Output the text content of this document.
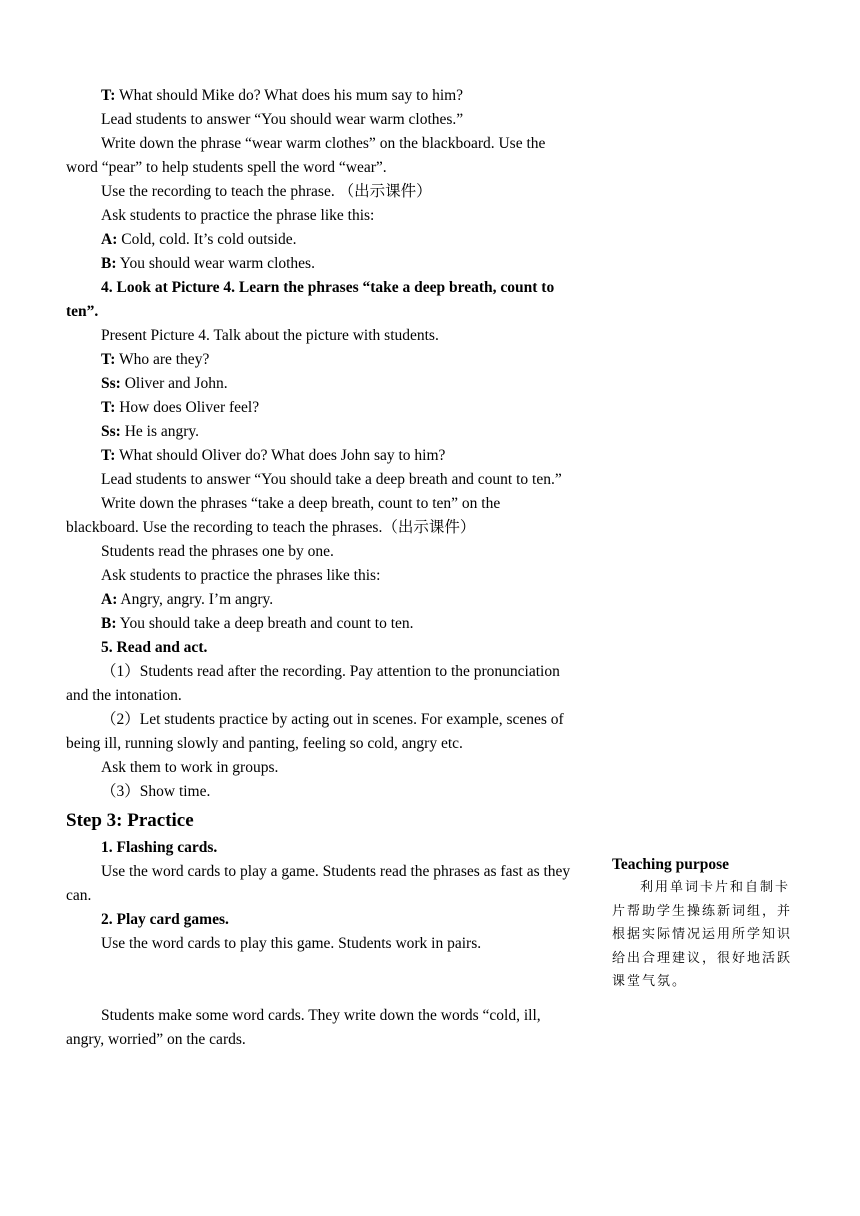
T: What should Mike do? What does his mum say to him?
Lead students to answer “You should wear warm clothes.”
Write down the phrase “wear warm clothes” on the blackboard. Use the word “pear” to help students spell the word “wear”.
Use the recording to teach the phrase. （出示课件）
Ask students to practice the phrase like this:
A: Cold, cold. It’s cold outside.
B: You should wear warm clothes.
4. Look at Picture 4. Learn the phrases “take a deep breath, count to ten”.
Present Picture 4. Talk about the picture with students.
T: Who are they?
Ss: Oliver and John.
T: How does Oliver feel?
Ss: He is angry.
T: What should Oliver do? What does John say to him?
Lead students to answer “You should take a deep breath and count to ten.”
Write down the phrases “take a deep breath, count to ten” on the blackboard. Use the recording to teach the phrases.（出示课件）
Students read the phrases one by one.
Ask students to practice the phrases like this:
A: Angry, angry. I’m angry.
B: You should take a deep breath and count to ten.
5. Read and act.
（1）Students read after the recording. Pay attention to the pronunciation and the intonation.
（2）Let students practice by acting out in scenes. For example, scenes of being ill, running slowly and panting, feeling so cold, angry etc.
Ask them to work in groups.
（3）Show time.
Step 3: Practice
1. Flashing cards.
Use the word cards to play a game. Students read the phrases as fast as they can.
2. Play card games.
Use the word cards to play this game. Students work in pairs.
Students make some word cards. They write down the words “cold, ill, angry, worried” on the cards.
Teaching purpose
利用单词卡片和自制卡片帮助学生操练新词组，并根据实际情况运用所学知识给出合理建议，很好地活跃课堂气氛。
